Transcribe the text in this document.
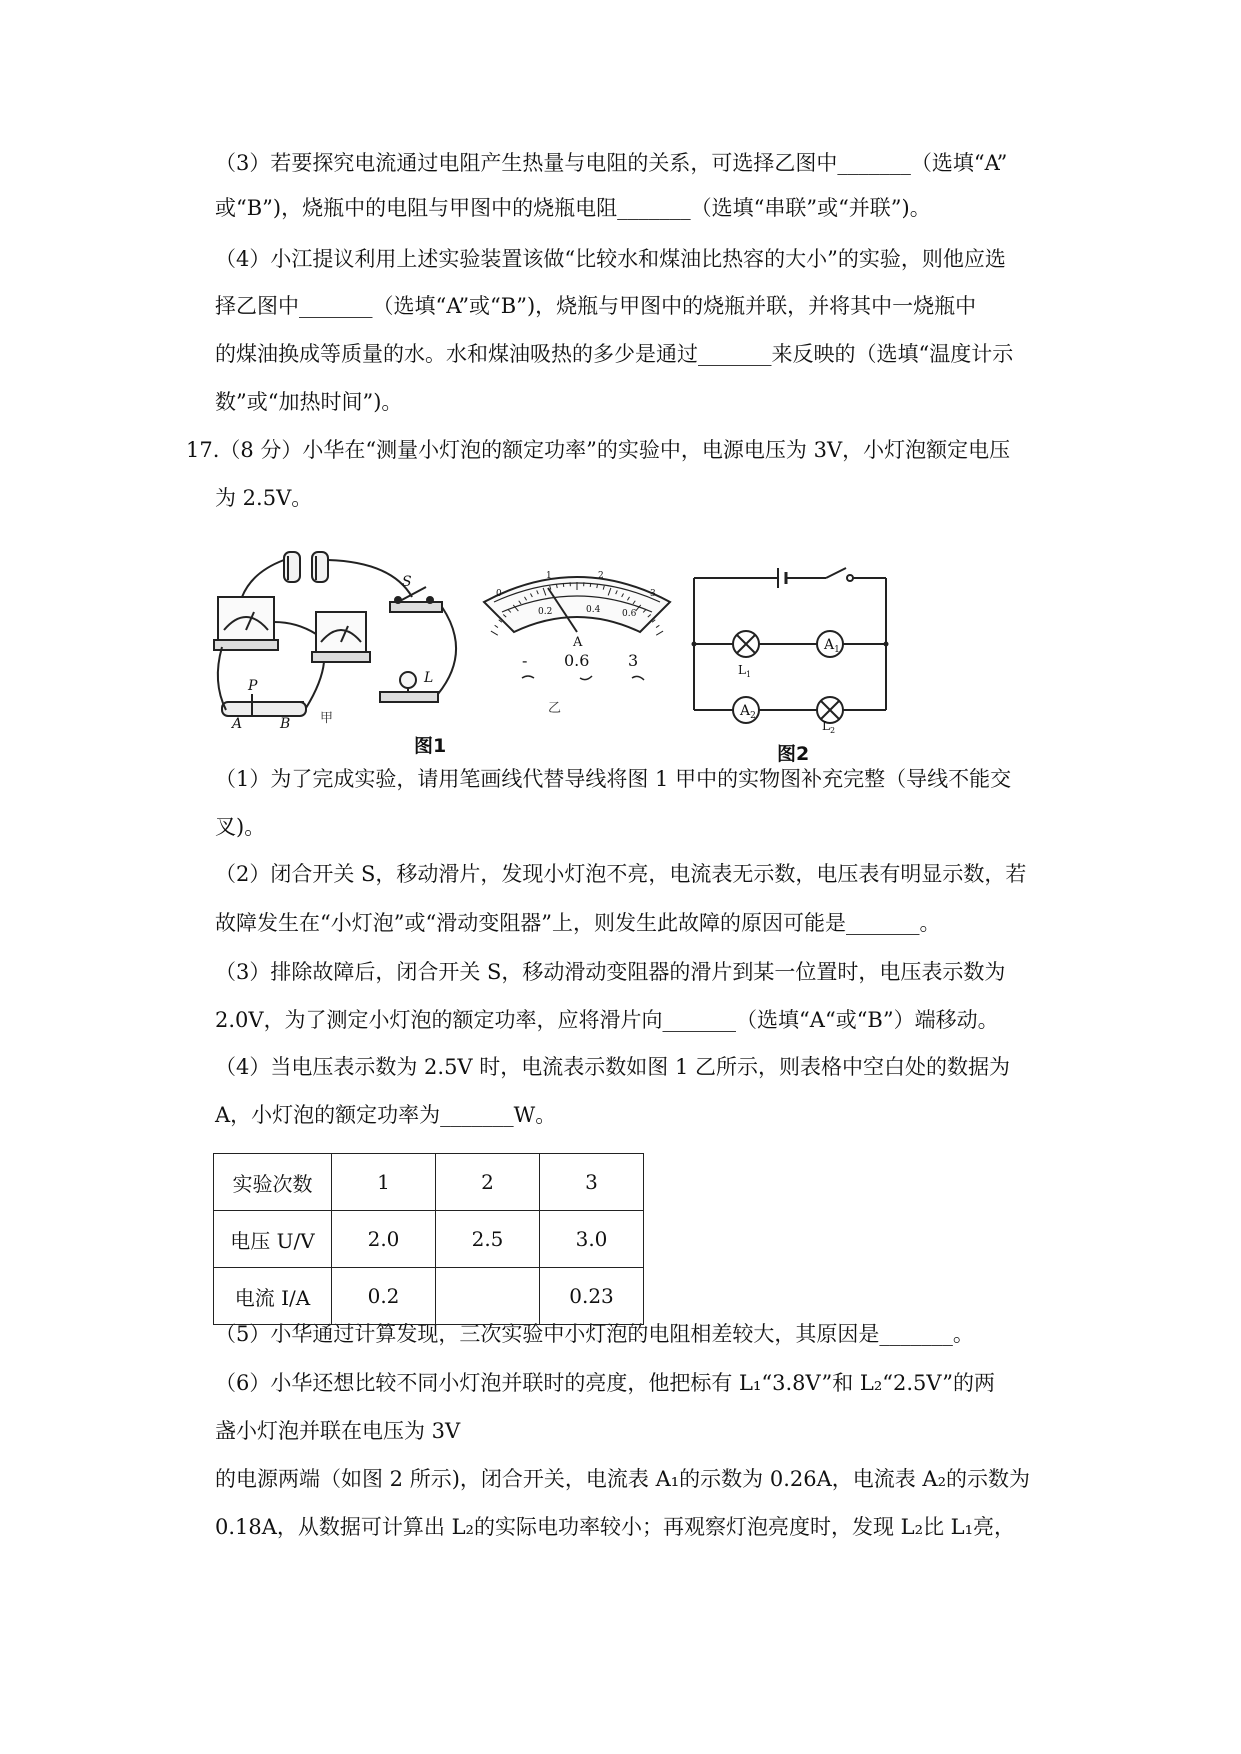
（3）若要探究电流通过电阻产生热量与电阻的关系，可选择乙图中_______（选填“A”
或“B”)，烧瓶中的电阻与甲图中的烧瓶电阻_______（选填“串联”或“并联”)。
（4）小江提议利用上述实验装置该做“比较水和煤油比热容的大小”的实验，则他应选
择乙图中_______（选填“A”或“B”)，烧瓶与甲图中的烧瓶并联，并将其中一烧瓶中
的煤油换成等质量的水。水和煤油吸热的多少是通过_______来反映的（选填“温度计示
数”或“加热时间”)。
17.（8 分）小华在“测量小灯泡的额定功率”的实验中，电源电压为 3V，小灯泡额定电压
为 2.5V。
（1）为了完成实验，请用笔画线代替导线将图 1 甲中的实物图补充完整（导线不能交
叉)。
（2）闭合开关 S，移动滑片，发现小灯泡不亮，电流表无示数，电压表有明显示数，若
故障发生在“小灯泡”或“滑动变阻器”上，则发生此故障的原因可能是_______。
（3）排除故障后，闭合开关 S，移动滑动变阻器的滑片到某一位置时，电压表示数为
2.0V，为了测定小灯泡的额定功率，应将滑片向_______（选填“A“或“B”）端移动。
（4）当电压表示数为 2.5V 时，电流表示数如图 1 乙所示，则表格中空白处的数据为
A，小灯泡的额定功率为_______W。
（5）小华通过计算发现，三次实验中小灯泡的电阻相差较大，其原因是_______。
（6）小华还想比较不同小灯泡并联时的亮度，他把标有 L₁“3.8V”和 L₂“2.5V”的两
盏小灯泡并联在电压为 3V
的电源两端（如图 2 所示)，闭合开关，电流表 A₁的示数为 0.26A，电流表 A₂的示数为
0.18A，从数据可计算出 L₂的实际电功率较小；再观察灯泡亮度时，发现 L₂比 L₁亮，
S
L
P
A	B 甲
0
1	2
3
0.2	0.4 0.6
A
- 0.6 3
乙
图1
$A_1$
$A_2$
$L_1$
$L_2$
图2
实验次数	1	2	3
电压 U/V	2.0	2.5	3.0
电流 I/A	0.2		0.23
